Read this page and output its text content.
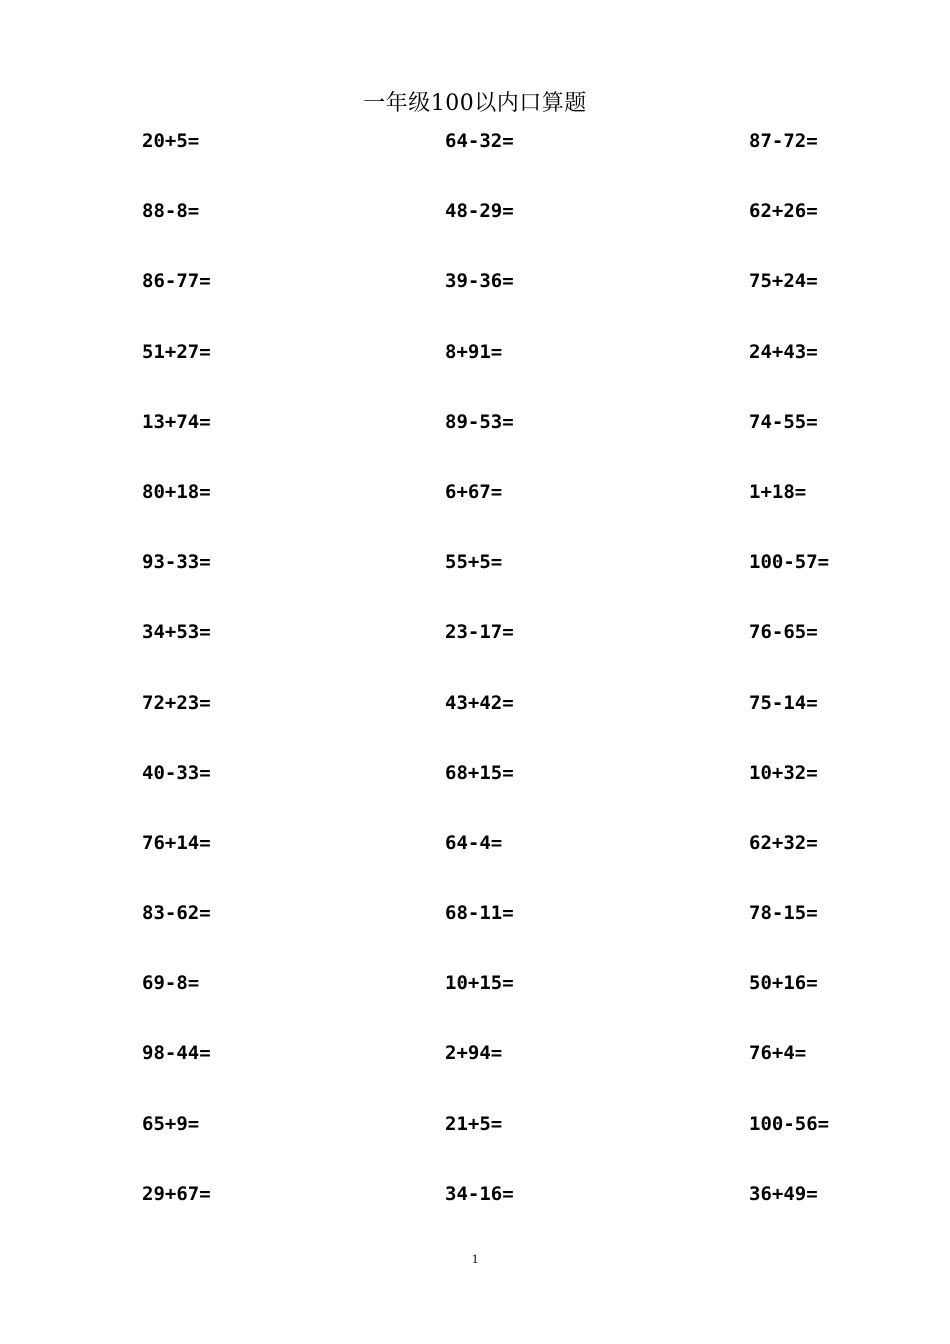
一年级100以内口算题
20+5=	64-32=	87-72=
88-8=	48-29=	62+26=
86-77=	39-36=	75+24=
51+27=	8+91=	24+43=
13+74=	89-53=	74-55=
80+18=	6+67=	1+18=
93-33=	55+5=	100-57=
34+53=	23-17=	76-65=
72+23=	43+42=	75-14=
40-33=	68+15=	10+32=
76+14=	64-4=	62+32=
83-62=	68-11=	78-15=
69-8=	10+15=	50+16=
98-44=	2+94=	76+4=
65+9=	21+5=	100-56=
29+67=	34-16=	36+49=
1
